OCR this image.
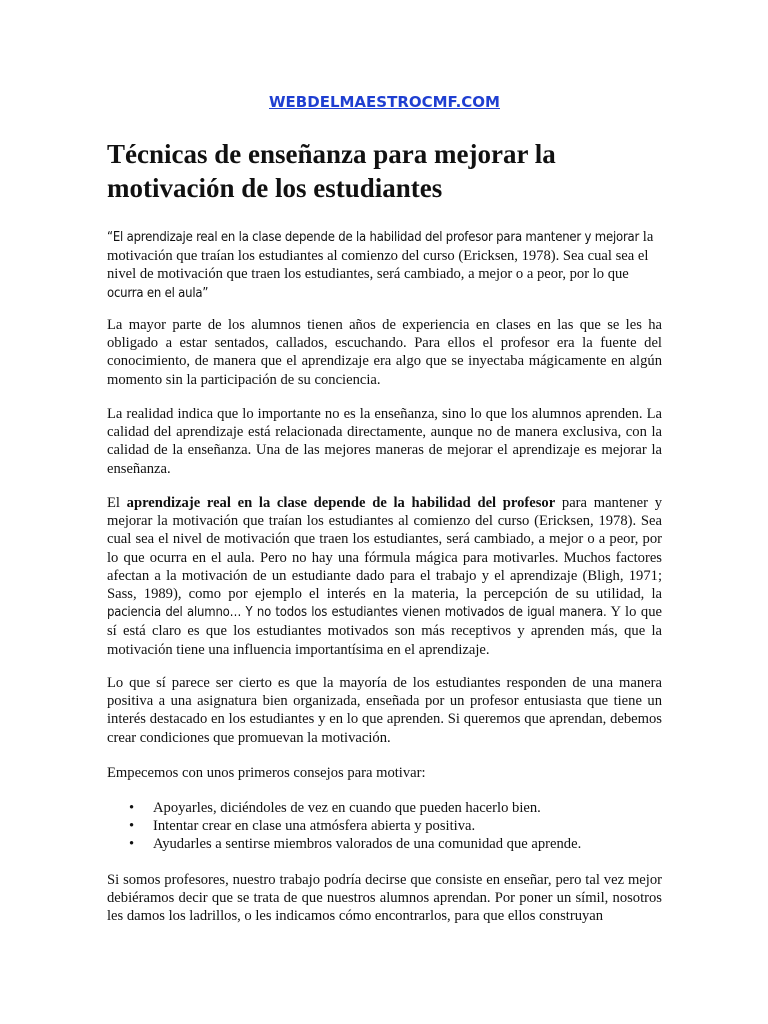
WEBDELMAESTROCMF.COM
Técnicas de enseñanza para mejorar la motivación de los estudiantes

“El aprendizaje real en la clase depende de la habilidad del profesor para mantener y mejorar la motivación que traían los estudiantes al comienzo del curso (Ericksen, 1978). Sea cual sea el nivel de motivación que traen los estudiantes, será cambiado, a mejor o a peor, por lo que ocurra en el aula”

La mayor parte de los alumnos tienen años de experiencia en clases en las que se les ha obligado a estar sentados, callados, escuchando. Para ellos el profesor era la fuente del conocimiento, de manera que el aprendizaje era algo que se inyectaba mágicamente en algún momento sin la participación de su conciencia.

La realidad indica que lo importante no es la enseñanza, sino lo que los alumnos aprenden. La calidad del aprendizaje está relacionada directamente, aunque no de manera exclusiva, con la calidad de la enseñanza. Una de las mejores maneras de mejorar el aprendizaje es mejorar la enseñanza.

El aprendizaje real en la clase depende de la habilidad del profesor para mantener y mejorar la motivación que traían los estudiantes al comienzo del curso (Ericksen, 1978). Sea cual sea el nivel de motivación que traen los estudiantes, será cambiado, a mejor o a peor, por lo que ocurra en el aula. Pero no hay una fórmula mágica para motivarles. Muchos factores afectan a la motivación de un estudiante dado para el trabajo y el aprendizaje (Bligh, 1971; Sass, 1989), como por ejemplo el interés en la materia, la percepción de su utilidad, la paciencia del alumno… Y no todos los estudiantes vienen motivados de igual manera. Y lo que sí está claro es que los estudiantes motivados son más receptivos y aprenden más, que la motivación tiene una influencia importantísima en el aprendizaje.

Lo que sí parece ser cierto es que la mayoría de los estudiantes responden de una manera positiva a una asignatura bien organizada, enseñada por un profesor entusiasta que tiene un interés destacado en los estudiantes y en lo que aprenden. Si queremos que aprendan, debemos crear condiciones que promuevan la motivación.

Empecemos con unos primeros consejos para motivar:

• Apoyarles, diciéndoles de vez en cuando que pueden hacerlo bien.
• Intentar crear en clase una atmósfera abierta y positiva.
• Ayudarles a sentirse miembros valorados de una comunidad que aprende.

Si somos profesores, nuestro trabajo podría decirse que consiste en enseñar, pero tal vez mejor debiéramos decir que se trata de que nuestros alumnos aprendan. Por poner un símil, nosotros les damos los ladrillos, o les indicamos cómo encontrarlos, para que ellos construyan
